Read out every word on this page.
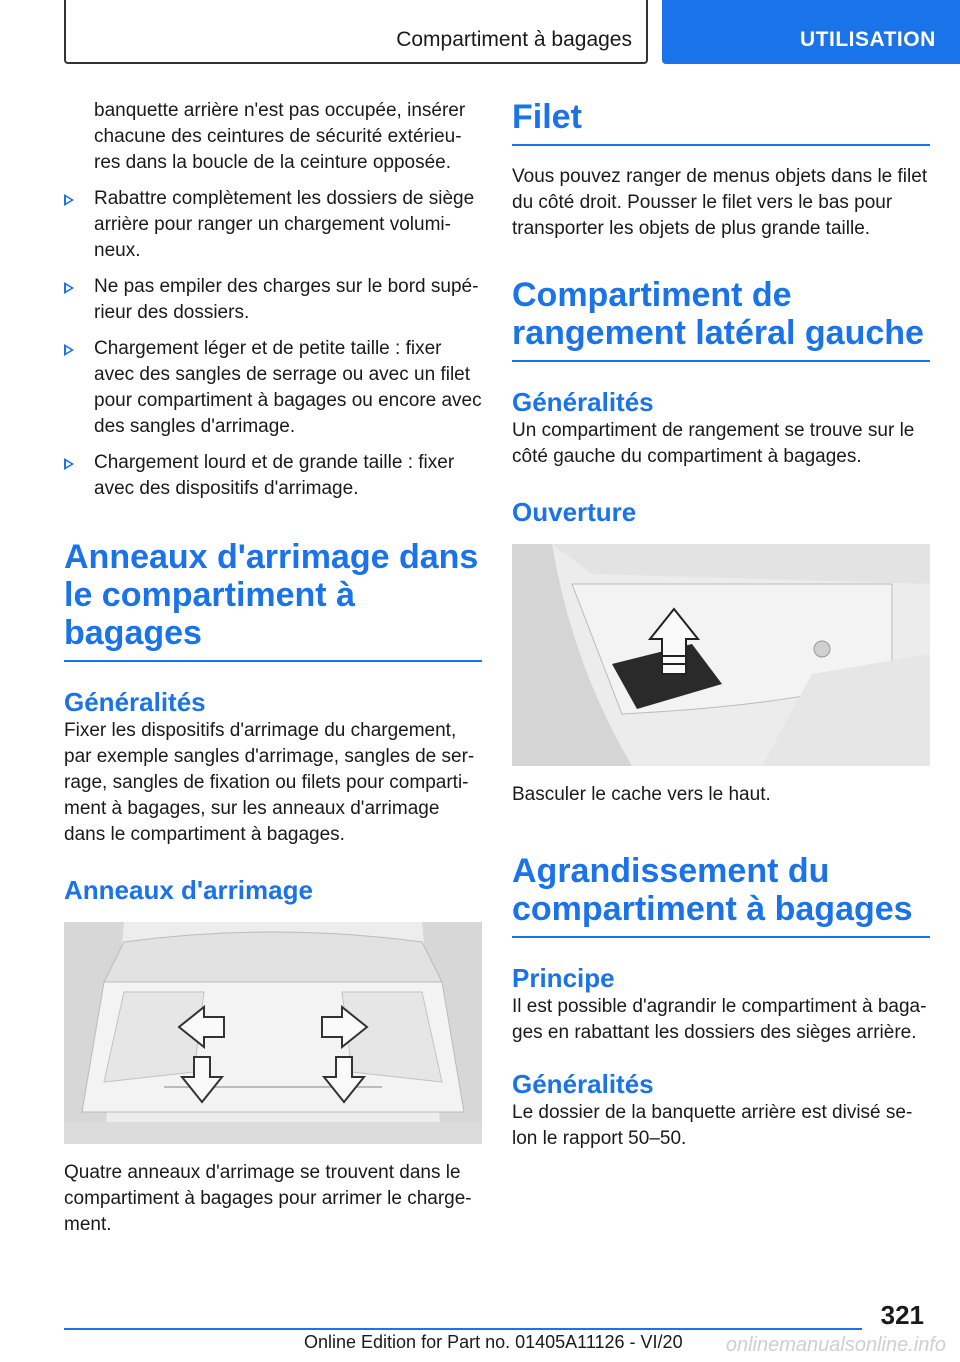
Compartiment à bagages	UTILISATION

banquette arrière n'est pas occupée, insérer chacune des ceintures de sécurité extérieu-res dans la boucle de la ceinture opposée.

Rabattre complètement les dossiers de siège arrière pour ranger un chargement volumi-neux.
Ne pas empiler des charges sur le bord supé-rieur des dossiers.
Chargement léger et de petite taille : fixer avec des sangles de serrage ou avec un filet pour compartiment à bagages ou encore avec des sangles d'arrimage.
Chargement lourd et de grande taille : fixer avec des dispositifs d'arrimage.
Anneaux d'arrimage dans le compartiment à bagages
Généralités

Fixer les dispositifs d'arrimage du chargement, par exemple sangles d'arrimage, sangles de ser-rage, sangles de fixation ou filets pour comparti-ment à bagages, sur les anneaux d'arrimage dans le compartiment à bagages.

Anneaux d'arrimage

Quatre anneaux d'arrimage se trouvent dans le compartiment à bagages pour arrimer le charge-ment.

Filet

Vous pouvez ranger de menus objets dans le filet du côté droit. Pousser le filet vers le bas pour transporter les objets de plus grande taille.

Compartiment de rangement latéral gauche
Généralités

Un compartiment de rangement se trouve sur le côté gauche du compartiment à bagages.

Ouverture

Basculer le cache vers le haut.

Agrandissement du compartiment à bagages
Principe

Il est possible d'agrandir le compartiment à baga-ges en rabattant les dossiers des sièges arrière.

Généralités

Le dossier de la banquette arrière est divisé se-lon le rapport 50–50.

321
Online Edition for Part no. 01405A11126 - VI/20 onlinemanualsonline.info
